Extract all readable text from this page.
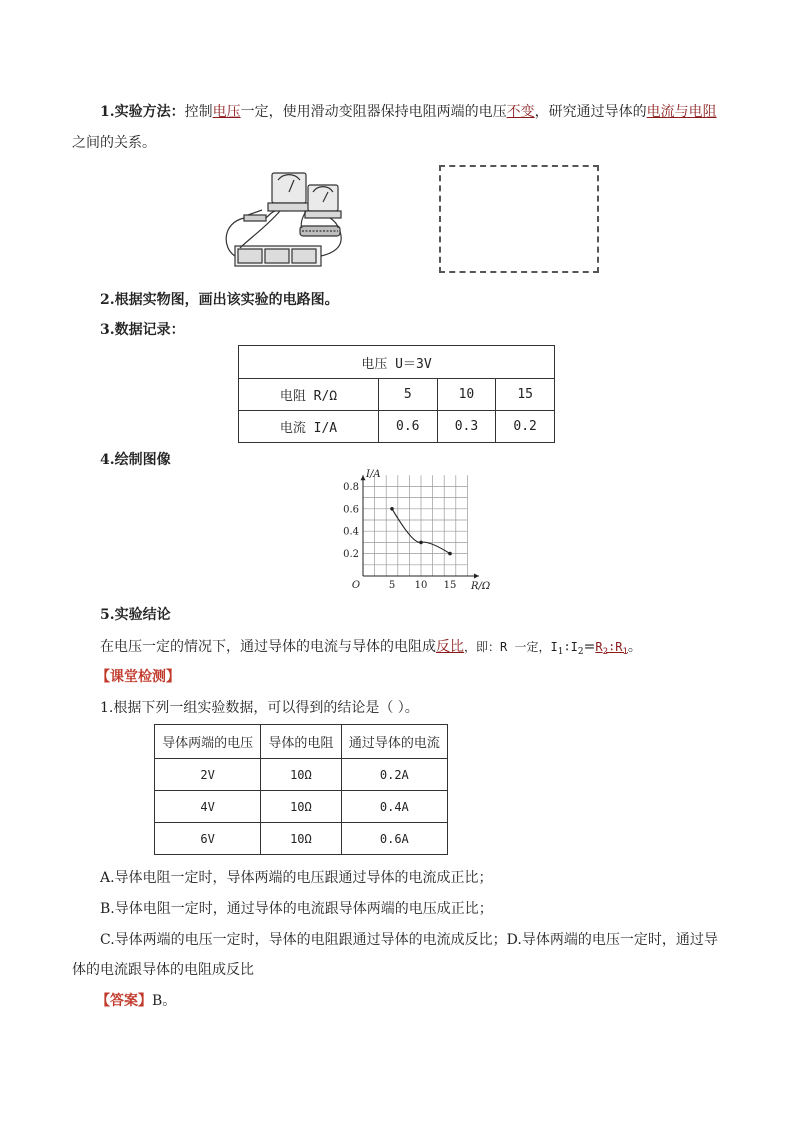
1.实验方法：控制电压一定，使用滑动变阻器保持电阻两端的电压不变，研究通过导体的电流与电阻
之间的关系。
2.根据实物图，画出该实验的电路图。
3.数据记录：
电压 U＝3V			
电阻 R/Ω	5	10	15
电流 I/A	0.6	0.3	0.2
4.绘制图像
5 10 15
0.2
0.4
0.6
0.8
O
I/A
R/Ω
5.实验结论
在电压一定的情况下，通过导体的电流与导体的电阻成反比，即：R 一定，$I_1∶I_2=R_2∶R_1$。
【课堂检测】
1.根据下列一组实验数据，可以得到的结论是（ ）。
导体两端的电压	导体的电阻	通过导体的电流
2V	10Ω	0.2A
4V	10Ω	0.4A
6V	10Ω	0.6A
A.导体电阻一定时，导体两端的电压跟通过导体的电流成正比；
B.导体电阻一定时，通过导体的电流跟导体两端的电压成正比；
C.导体两端的电压一定时，导体的电阻跟通过导体的电流成反比；D.导体两端的电压一定时，通过导
体的电流跟导体的电阻成反比
【答案】B。
